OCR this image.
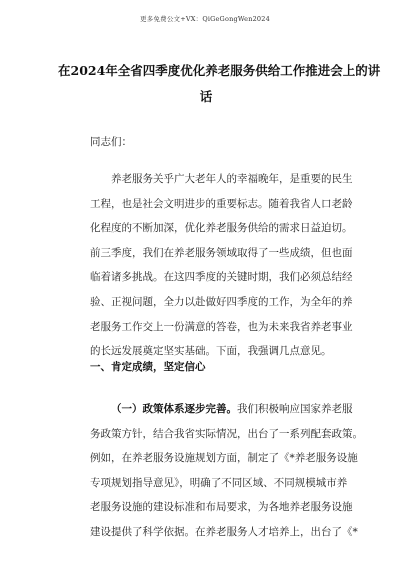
更多免费公文+VX：QiGeGongWen2024
在2024年全省四季度优化养老服务供给工作推进会上的讲
话
同志们：
养老服务关乎广大老年人的幸福晚年，是重要的民生
工程，也是社会文明进步的重要标志。随着我省人口老龄
化程度的不断加深，优化养老服务供给的需求日益迫切。
前三季度，我们在养老服务领域取得了一些成绩，但也面
临着诸多挑战。在这四季度的关键时期，我们必须总结经
验、正视问题，全力以赴做好四季度的工作，为全年的养
老服务工作交上一份满意的答卷，也为未来我省养老事业
的长远发展奠定坚实基础。下面，我强调几点意见。
一、肯定成绩，坚定信心
（一）政策体系逐步完善。我们积极响应国家养老服
务政策方针，结合我省实际情况，出台了一系列配套政策。
例如，在养老服务设施规划方面，制定了《*养老服务设施
专项规划指导意见》，明确了不同区域、不同规模城市养
老服务设施的建设标准和布局要求，为各地养老服务设施
建设提供了科学依据。在养老服务人才培养上，出台了《*
